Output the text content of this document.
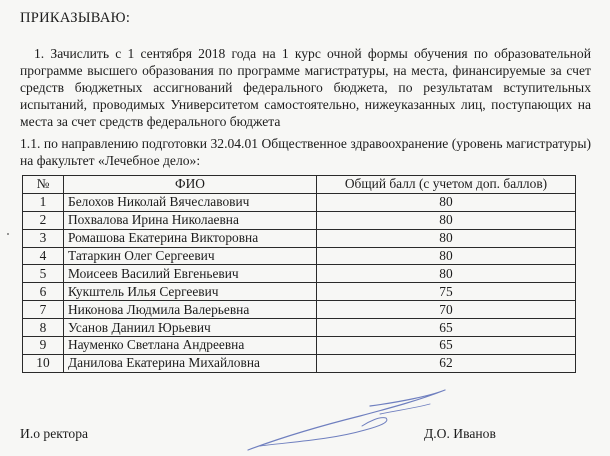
ПРИКАЗЫВАЮ:

1. Зачислить с 1 сентября 2018 года на 1 курс очной формы обучения по образовательной программе высшего образования по программе магистратуры, на места, финансируемые за счет средств бюджетных ассигнований федерального бюджета, по результатам вступительных испытаний, проводимых Университетом самостоятельно, нижеуказанных лиц, поступающих на места за счет средств федерального бюджета

1.1. по направлению подготовки 32.04.01 Общественное здравоохранение (уровень магистратуры) на факультет «Лечебное дело»:
№	ФИО	Общий балл (с учетом доп. баллов)
1	Белохов Николай Вячеславович	80
2	Похвалова Ирина Николаевна	80
3	Ромашова Екатерина Викторовна	80
4	Татаркин Олег Сергеевич	80
5	Моисеев Василий Евгеньевич	80
6	Кукштель Илья Сергеевич	75
7	Никонова Людмила Валерьевна	70
8	Усанов Даниил Юрьевич	65
9	Науменко Светлана Андреевна	65
10	Данилова Екатерина Михайловна	62
И.о ректора	Д.О. Иванов
